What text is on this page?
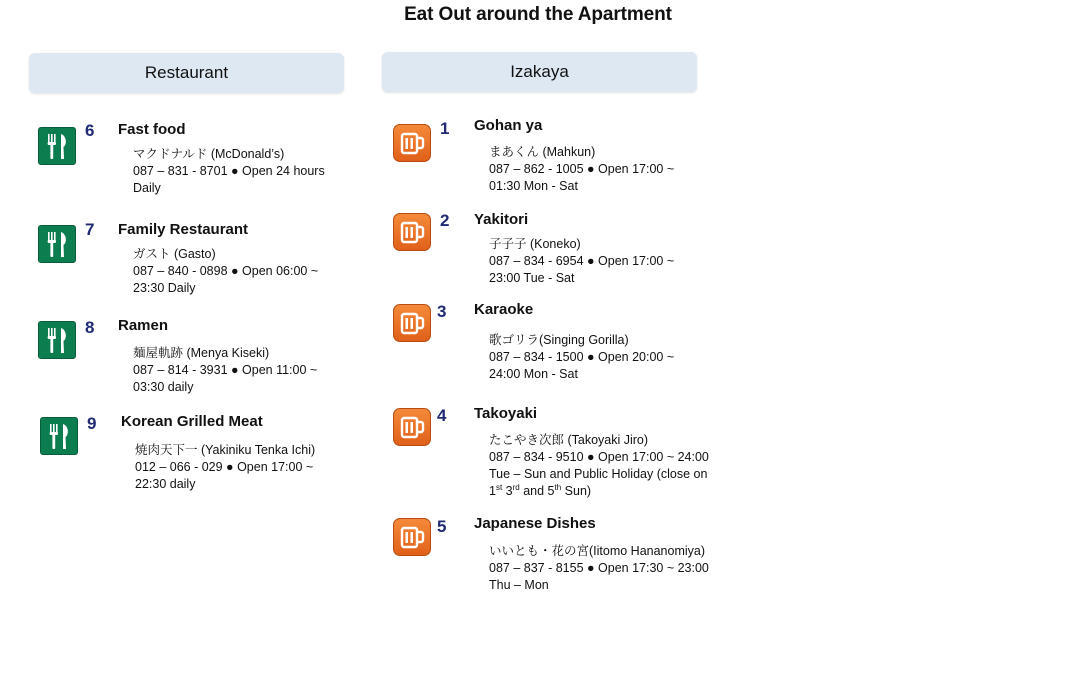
Eat Out around the Apartment
Restaurant	Izakaya
6 Fast food
マクドナルド (McDonald’s)
087 – 831 - 8701 ● Open 24 hours
Daily
7 Family Restaurant
ガスト (Gasto)
087 – 840 - 0898 ● Open 06:00 ~
23:30 Daily
8 Ramen
麺屋軌跡 (Menya Kiseki)
087 – 814 - 3931 ● Open 11:00 ~
03:30 daily
9 Korean Grilled Meat
焼肉天下一 (Yakiniku Tenka Ichi)
012 – 066 - 029 ● Open 17:00 ~
22:30 daily
1 Gohan ya
まあくん (Mahkun)
087 – 862 - 1005 ● Open 17:00 ~
01:30 Mon - Sat
2 Yakitori
子子子 (Koneko)
087 – 834 - 6954 ● Open 17:00 ~
23:00 Tue - Sat
3 Karaoke
歌ゴリラ(Singing Gorilla)
087 – 834 - 1500 ● Open 20:00 ~
24:00 Mon - Sat
4 Takoyaki
たこやき次郎 (Takoyaki Jiro)
087 – 834 - 9510 ● Open 17:00 ~ 24:00
Tue – Sun and Public Holiday (close on
1st 3rd and 5th Sun)
5 Japanese Dishes
いいとも・花の宮(Iitomo Hananomiya)
087 – 837 - 8155 ● Open 17:30 ~ 23:00
Thu – Mon
